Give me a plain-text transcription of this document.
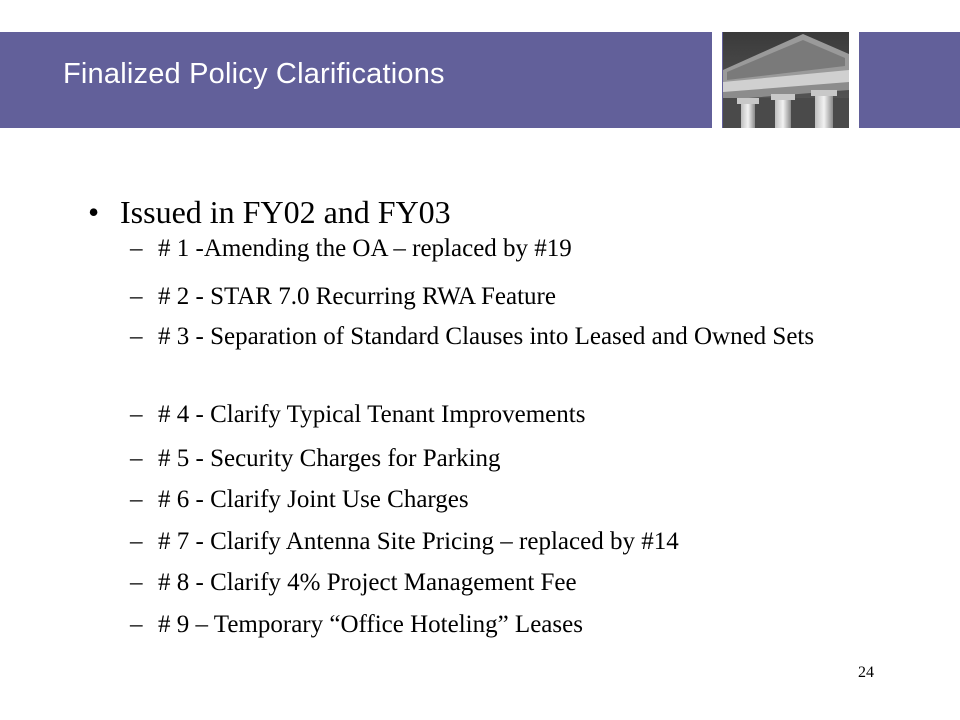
Finalized Policy Clarifications
• Issued in FY02 and FY03
– # 1 -Amending the OA – replaced by #19
– # 2 - STAR 7.0 Recurring RWA Feature
– # 3 - Separation of Standard Clauses into Leased and Owned Sets
– # 4 - Clarify Typical Tenant Improvements
– # 5 - Security Charges for Parking
– # 6 - Clarify Joint Use Charges
– # 7 - Clarify Antenna Site Pricing – replaced by #14
– # 8 - Clarify 4% Project Management Fee
– # 9 – Temporary “Office Hoteling” Leases
24
